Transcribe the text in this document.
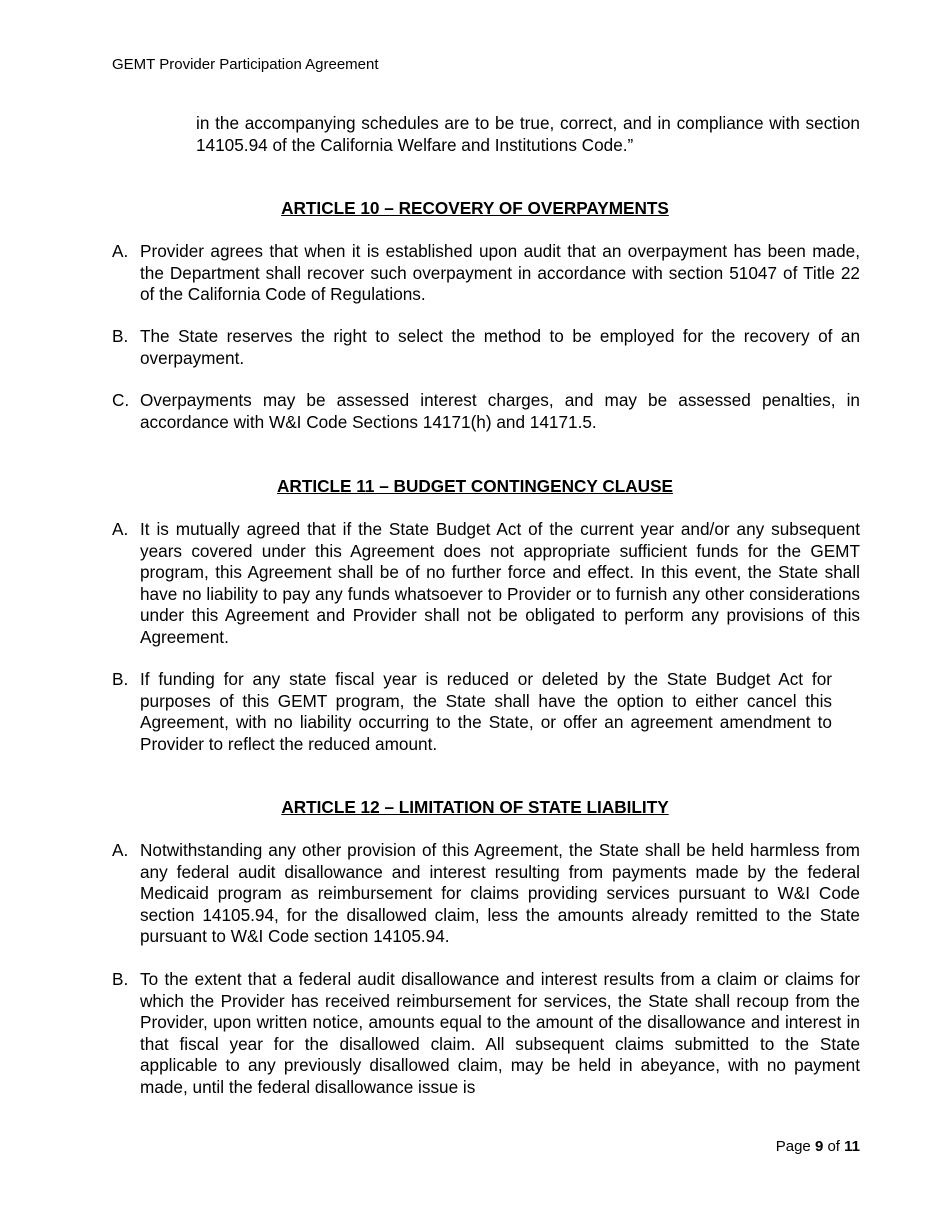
GEMT Provider Participation Agreement
in the accompanying schedules are to be true, correct, and in compliance with section 14105.94 of the California Welfare and Institutions Code.”
ARTICLE 10 – RECOVERY OF OVERPAYMENTS
A. Provider agrees that when it is established upon audit that an overpayment has been made, the Department shall recover such overpayment in accordance with section 51047 of Title 22 of the California Code of Regulations.
B. The State reserves the right to select the method to be employed for the recovery of an overpayment.
C. Overpayments may be assessed interest charges, and may be assessed penalties, in accordance with W&I Code Sections 14171(h) and 14171.5.
ARTICLE 11 – BUDGET CONTINGENCY CLAUSE
A. It is mutually agreed that if the State Budget Act of the current year and/or any subsequent years covered under this Agreement does not appropriate sufficient funds for the GEMT program, this Agreement shall be of no further force and effect. In this event, the State shall have no liability to pay any funds whatsoever to Provider or to furnish any other considerations under this Agreement and Provider shall not be obligated to perform any provisions of this Agreement.
B. If funding for any state fiscal year is reduced or deleted by the State Budget Act for purposes of this GEMT program, the State shall have the option to either cancel this Agreement, with no liability occurring to the State, or offer an agreement amendment to Provider to reflect the reduced amount.
ARTICLE 12 – LIMITATION OF STATE LIABILITY
A. Notwithstanding any other provision of this Agreement, the State shall be held harmless from any federal audit disallowance and interest resulting from payments made by the federal Medicaid program as reimbursement for claims providing services pursuant to W&I Code section 14105.94, for the disallowed claim, less the amounts already remitted to the State pursuant to W&I Code section 14105.94.
B. To the extent that a federal audit disallowance and interest results from a claim or claims for which the Provider has received reimbursement for services, the State shall recoup from the Provider, upon written notice, amounts equal to the amount of the disallowance and interest in that fiscal year for the disallowed claim. All subsequent claims submitted to the State applicable to any previously disallowed claim, may be held in abeyance, with no payment made, until the federal disallowance issue is
Page 9 of 11
